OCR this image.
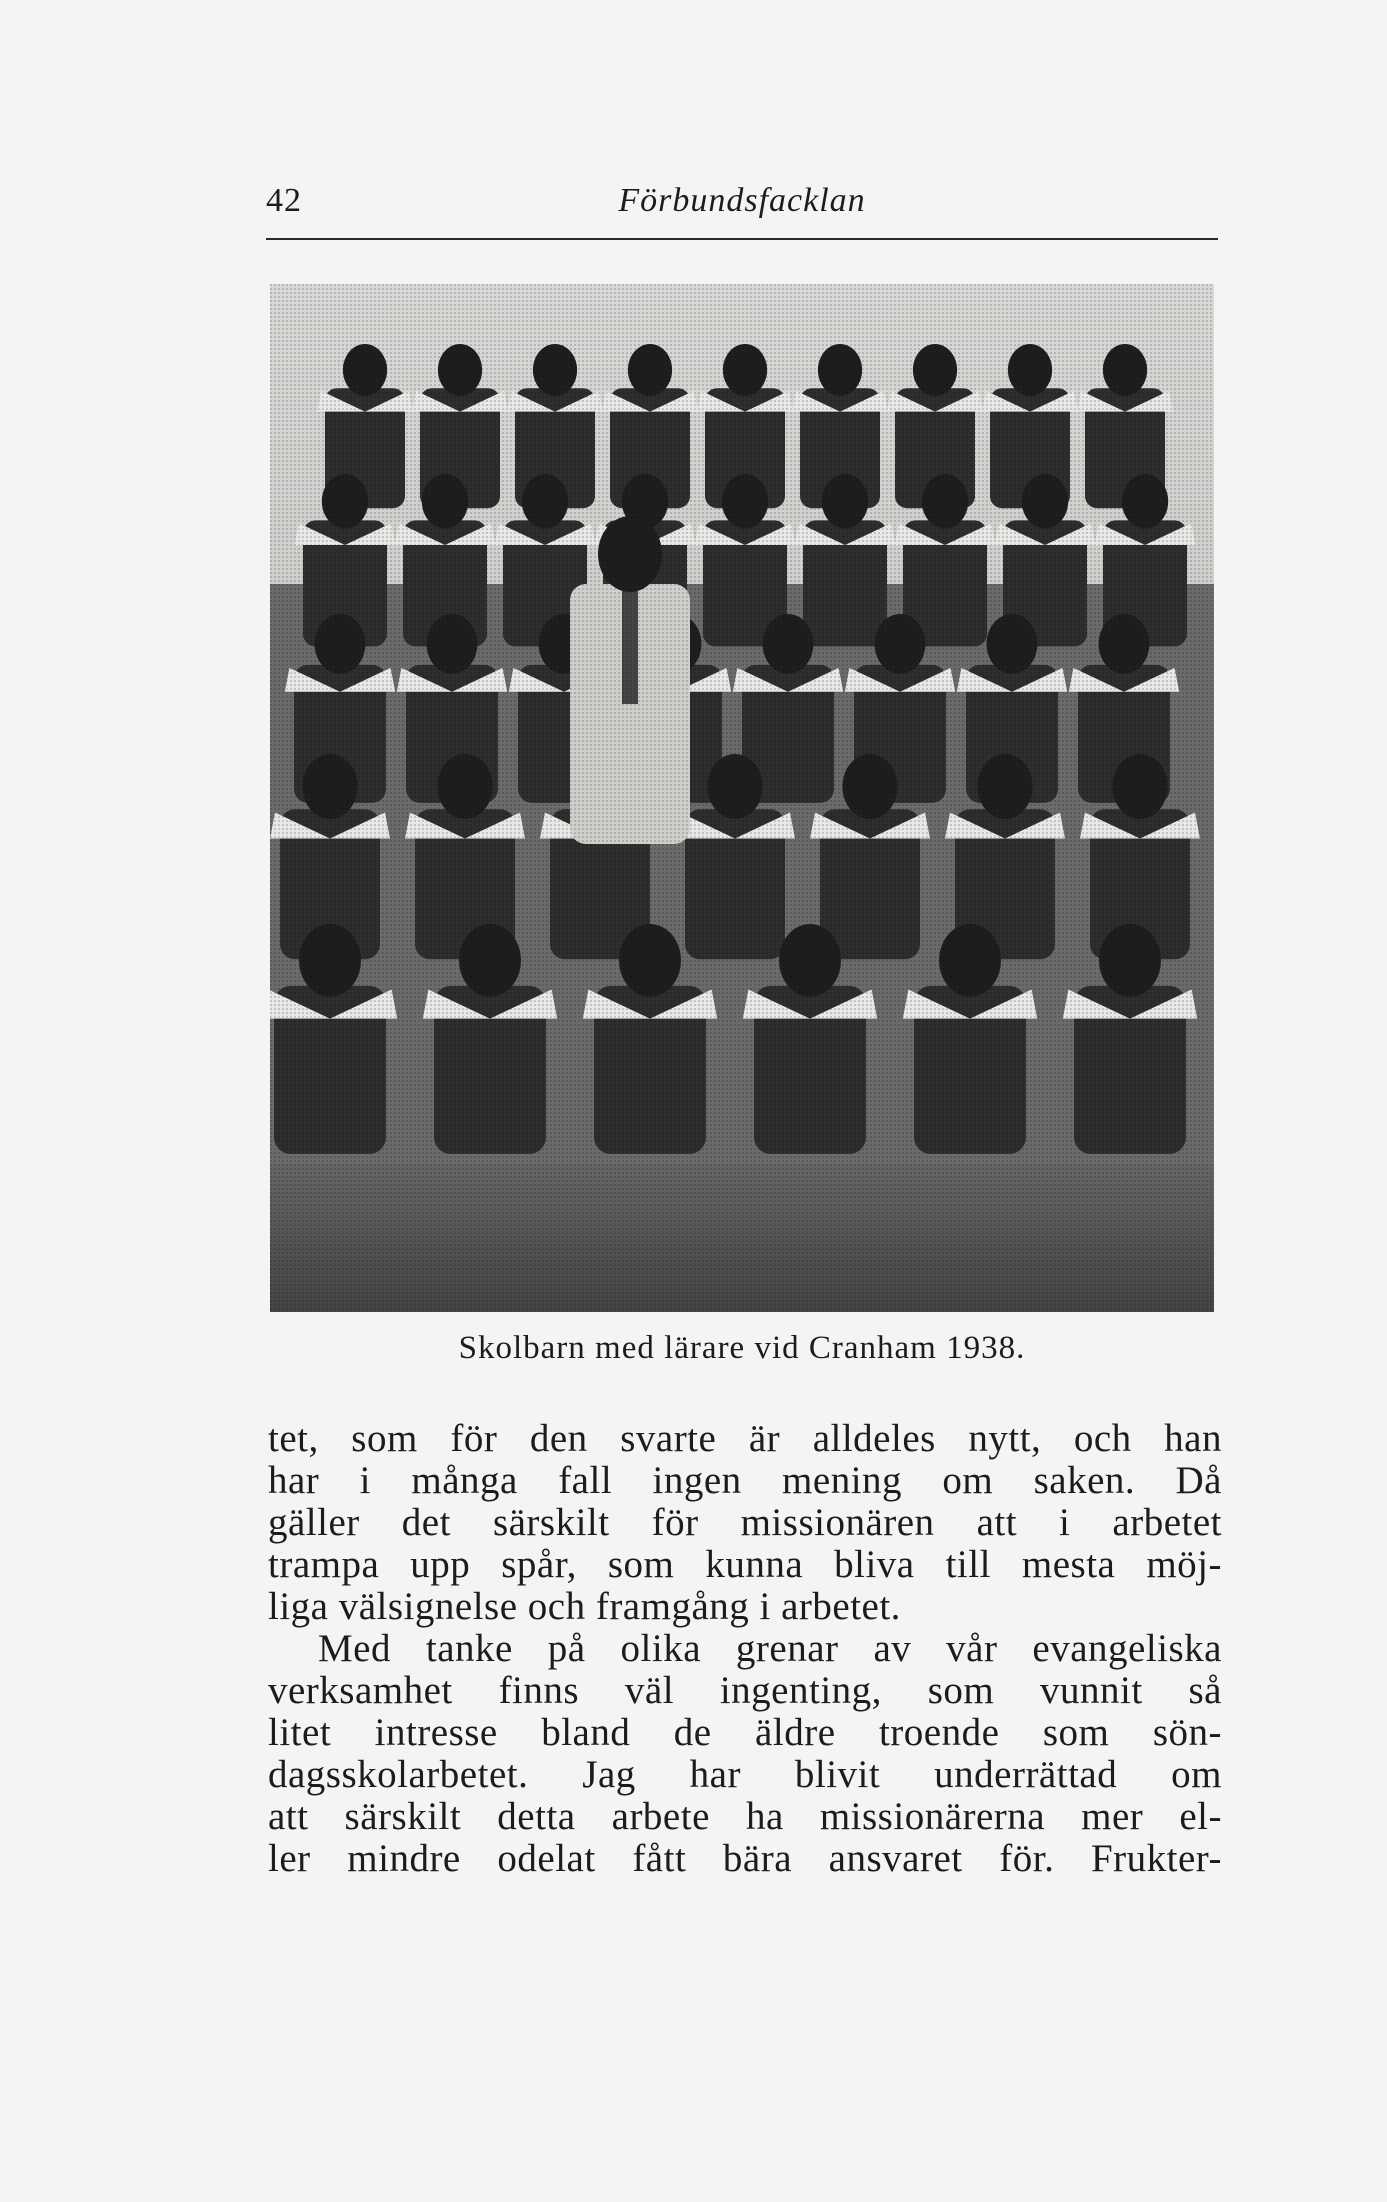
42	Förbundsfacklan
Skolbarn med lärare vid Cranham 1938.
tet, som för den svarte är alldeles nytt, och han
har i många fall ingen mening om saken. Då
gäller det särskilt för missionären att i arbetet
trampa upp spår, som kunna bliva till mesta möj-
liga välsignelse och framgång i arbetet.
Med tanke på olika grenar av vår evangeliska
verksamhet finns väl ingenting, som vunnit så
litet intresse bland de äldre troende som sön-
dagsskolarbetet. Jag har blivit underrättad om
att särskilt detta arbete ha missionärerna mer el-
ler mindre odelat fått bära ansvaret för. Frukter-
